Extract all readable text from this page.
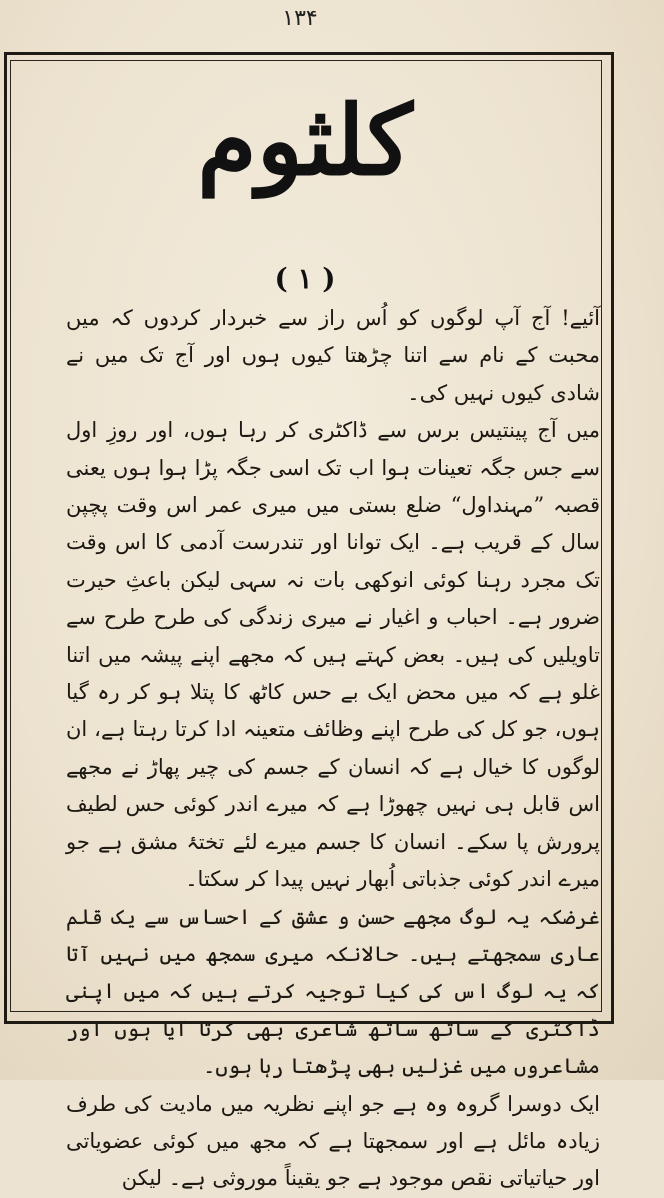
۱۳۴
کلثوم
( ۱ )

آئیے! آج آپ لوگوں کو اُس راز سے خبردار کردوں کہ میں محبت کے نام سے اتنا چڑھتا کیوں ہوں اور آج تک میں نے شادی کیوں نہیں کی۔

میں آج پینتیس برس سے ڈاکٹری کر رہا ہوں، اور روزِ اول سے جس جگہ تعینات ہوا اب تک اسی جگہ پڑا ہوا ہوں یعنی قصبہ ”مہنداول“ ضلع بستی میں میری عمر اس وقت پچپن سال کے قریب ہے۔ ایک توانا اور تندرست آدمی کا اس وقت تک مجرد رہنا کوئی انوکھی بات نہ سہی لیکن باعثِ حیرت ضرور ہے۔ احباب و اغیار نے میری زندگی کی طرح طرح سے تاویلیں کی ہیں۔ بعض کہتے ہیں کہ مجھے اپنے پیشہ میں اتنا غلو ہے کہ میں محض ایک بے حس کاٹھ کا پتلا ہو کر رہ گیا ہوں، جو کل کی طرح اپنے وظائف متعینہ ادا کرتا رہتا ہے، ان لوگوں کا خیال ہے کہ انسان کے جسم کی چیر پھاڑ نے مجھے اس قابل ہی نہیں چھوڑا ہے کہ میرے اندر کوئی حس لطیف پرورش پا سکے۔ انسان کا جسم میرے لئے تختۂ مشق ہے جو میرے اندر کوئی جذباتی اُبھار نہیں پیدا کر سکتا۔

غرضکہ یہ لوگ مجھے حسن و عشق کے احساس سے یک قلم عاری سمجھتے ہیں۔ حالانکہ میری سمجھ میں نہیں آتا کہ یہ لوگ اس کی کیا توجیہ کرتے ہیں کہ میں اپنی ڈاکٹری کے ساتھ ساتھ شاعری بھی کرتا آیا ہوں اور مشاعروں میں غزلیں بھی پڑھتا رہا ہوں۔

ایک دوسرا گروہ وہ ہے جو اپنے نظریہ میں مادیت کی طرف زیادہ مائل ہے اور سمجھتا ہے کہ مجھ میں کوئی عضویاتی اور حیاتیاتی نقص موجود ہے جو یقیناً موروثی ہے۔ لیکن
